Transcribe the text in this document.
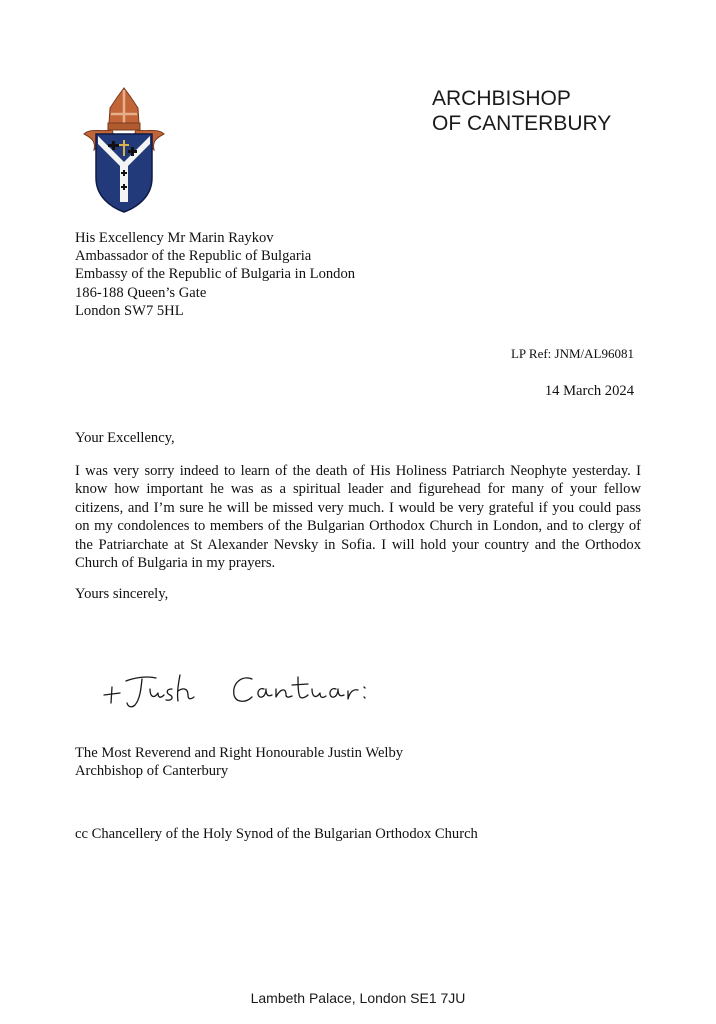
ARCHBISHOP
OF CANTERBURY
His Excellency Mr Marin Raykov
Ambassador of the Republic of Bulgaria
Embassy of the Republic of Bulgaria in London
186-188 Queen’s Gate
London SW7 5HL
LP Ref: JNM/AL96081
14 March 2024
Your Excellency,
I was very sorry indeed to learn of the death of His Holiness Patriarch Neophyte yesterday. I know how important he was as a spiritual leader and figurehead for many of your fellow citizens, and I’m sure he will be missed very much. I would be very grateful if you could pass on my condolences to members of the Bulgarian Orthodox Church in London, and to clergy of the Patriarchate at St Alexander Nevsky in Sofia. I will hold your country and the Orthodox Church of Bulgaria in my prayers.
Yours sincerely,
The Most Reverend and Right Honourable Justin Welby
Archbishop of Canterbury
cc Chancellery of the Holy Synod of the Bulgarian Orthodox Church
Lambeth Palace, London SE1 7JU
